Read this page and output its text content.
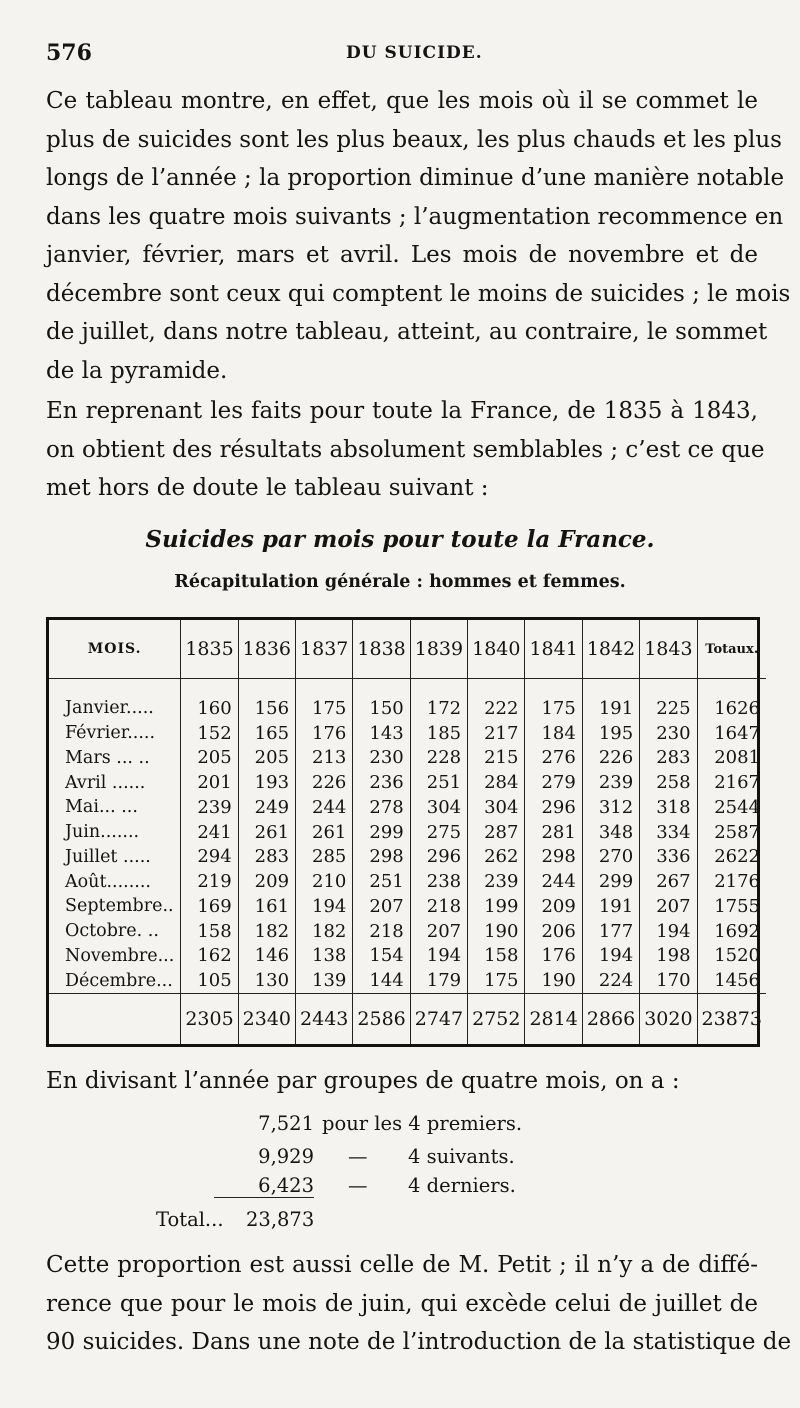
576	DU SUICIDE.
Ce tableau montre, en effet, que les mois où il se commet le
plus de suicides sont les plus beaux, les plus chauds et les plus
longs de l’année ; la proportion diminue d’une manière notable
dans les quatre mois suivants ; l’augmentation recommence en
janvier, février, mars et avril. Les mois de novembre et de
décembre sont ceux qui comptent le moins de suicides ; le mois
de juillet, dans notre tableau, atteint, au contraire, le sommet
de la pyramide.
En reprenant les faits pour toute la France, de 1835 à 1843,
on obtient des résultats absolument semblables ; c’est ce que
met hors de doute le tableau suivant :
Suicides par mois pour toute la France.
Récapitulation générale : hommes et femmes.
MOIS.	1835	1836	1837	1838	1839	1840	1841	1842	1843	Totaux.

Janvier.....	160	156	175	150	172	222	175	191	225	1626
Février.....	152	165	176	143	185	217	184	195	230	1647
Mars ... ..	205	205	213	230	228	215	276	226	283	2081
Avril ......	201	193	226	236	251	284	279	239	258	2167
Mai... ...	239	249	244	278	304	304	296	312	318	2544
Juin.......	241	261	261	299	275	287	281	348	334	2587
Juillet .....	294	283	285	298	296	262	298	270	336	2622
Août........	219	209	210	251	238	239	244	299	267	2176
Septembre..	169	161	194	207	218	199	209	191	207	1755
Octobre. ..	158	182	182	218	207	190	206	177	194	1692
Novembre...	162	146	138	154	194	158	176	194	198	1520
Décembre...	105	130	139	144	179	175	190	224	170	1456
	2305	2340	2443	2586	2747	2752	2814	2866	3020	23873
En divisant l’année par groupes de quatre mois, on a :
7,521 pour les 4 premiers.
9,929 — 4 suivants.
6,423 — 4 derniers.
Total... 23,873
Cette proportion est aussi celle de M. Petit ; il n’y a de diffé-
rence que pour le mois de juin, qui excède celui de juillet de
90 suicides. Dans une note de l’introduction de la statistique de
